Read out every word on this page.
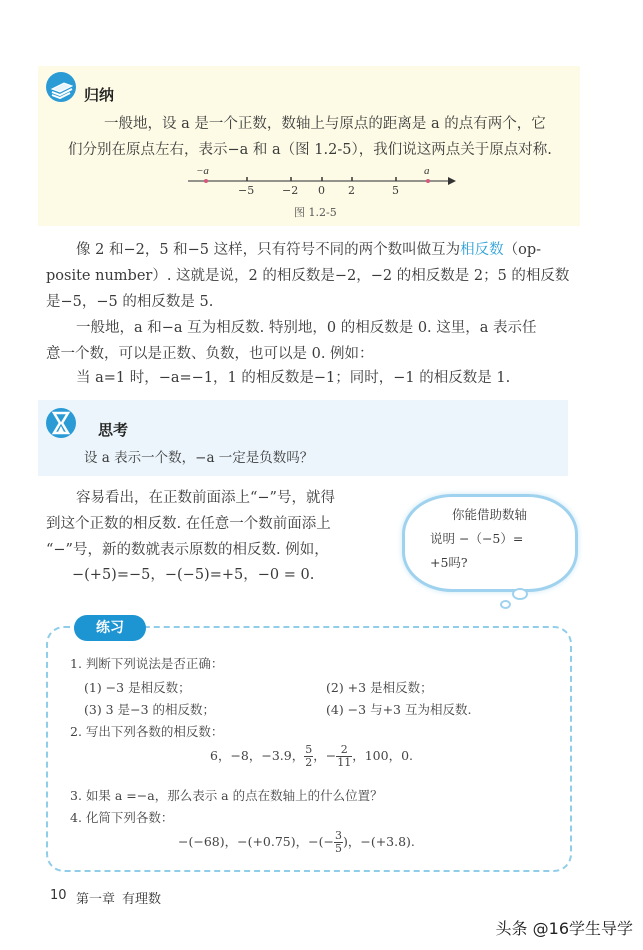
归纳
一般地，设 a 是一个正数，数轴上与原点的距离是 a 的点有两个，它
们分别在原点左右，表示−a 和 a（图 1.2-5），我们说这两点关于原点对称.
−a	a
−5	−2 0 2	5
图 1.2-5
像 2 和−2，5 和−5 这样，只有符号不同的两个数叫做互为相反数（op-
posite number）. 这就是说，2 的相反数是−2，−2 的相反数是 2；5 的相反数
是−5，−5 的相反数是 5.
一般地，a 和−a 互为相反数. 特别地，0 的相反数是 0. 这里，a 表示任
意一个数，可以是正数、负数，也可以是 0. 例如：
当 a=1 时，−a=−1，1 的相反数是−1；同时，−1 的相反数是 1.
思考
设 a 表示一个数，−a 一定是负数吗？
容易看出，在正数前面添上“−”号，就得
到这个正数的相反数. 在任意一个数前面添上
“−”号，新的数就表示原数的相反数. 例如，
−(+5)=−5，−(−5)=+5，−0 = 0.
你能借助数轴
说明 −（−5）=
+5吗?
练习
1. 判断下列说法是否正确：
(1) −3 是相反数；	(2) +3 是相反数；
(3) 3 是−3 的相反数；	(4) −3 与+3 互为相反数.
2. 写出下列各数的相反数：
6，−8，−3.9， $\frac{5}{2}$ ，− $\frac{2}{11}$ ，100，0.
3. 如果 a =−a，那么表示 a 的点在数轴上的什么位置？
4. 化简下列各数：
−(−68)，−(+0.75)，−(− $\frac{3}{5}$ )，−(+3.8).
10 第一章 有理数
头条 @16学生导学
